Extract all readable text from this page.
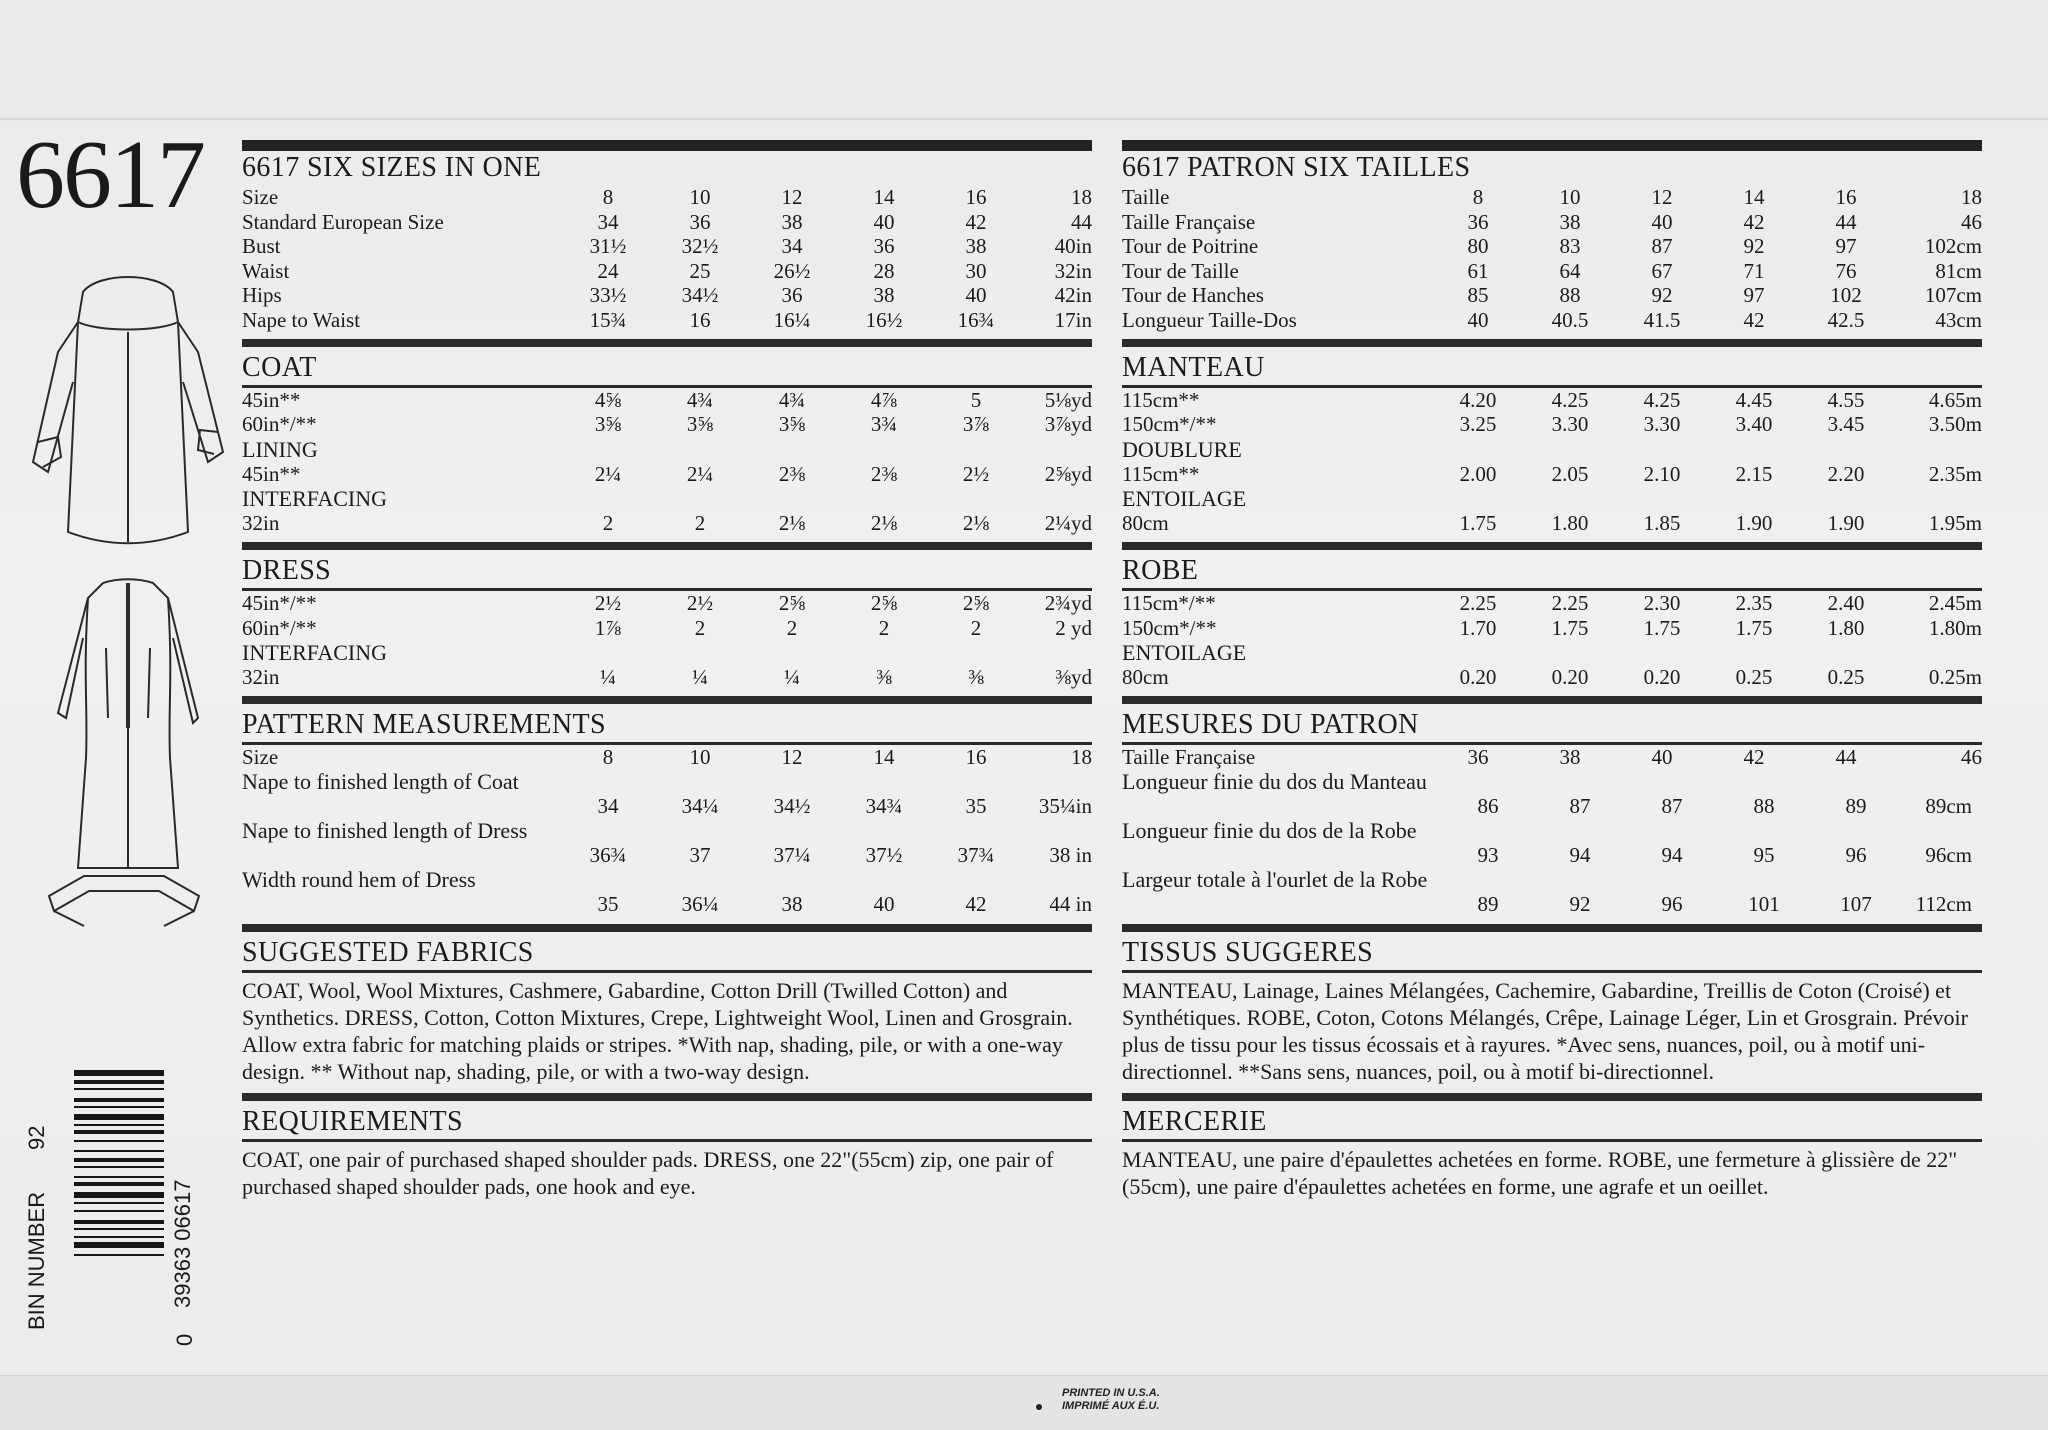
6617 6617 SIX SIZES IN ONE
Size	8	10	12	14	16	18
Standard European Size	34	36	38	40	42	44
Bust	31½	32½	34	36	38	40in
Waist	24	25	26½	28	30	32in
Hips	33½	34½	36	38	40	42in
Nape to Waist	15¾	16	16¼	16½	16¾	17in
COAT
45in**	4⅝	4¾	4¾	4⅞	5	5⅛yd
60in*/**	3⅝	3⅝	3⅝	3¾	3⅞	3⅞yd
LINING
45in**	2¼	2¼	2⅜	2⅜	2½	2⅝yd
INTERFACING
32in	2	2	2⅛	2⅛	2⅛	2¼yd
DRESS
45in*/**	2½	2½	2⅝	2⅝	2⅝	2¾yd
60in*/**	1⅞	2	2	2	2	2 yd
INTERFACING
32in	¼	¼	¼	⅜	⅜	⅜yd
PATTERN MEASUREMENTS
Size	8	10	12	14	16	18
Nape to finished length of Coat
34	34¼	34½	34¾	35	35¼in
Nape to finished length of Dress
36¾	37	37¼	37½	37¾	38 in
Width round hem of Dress
35	36¼	38	40	42	44 in
SUGGESTED FABRICS

COAT, Wool, Wool Mixtures, Cashmere, Gabardine, Cotton Drill (Twilled Cotton) and Synthetics. DRESS, Cotton, Cotton Mixtures, Crepe, Lightweight Wool, Linen and Grosgrain. Allow extra fabric for matching plaids or stripes. *With nap, shading, pile, or with a one-way design. ** Without nap, shading, pile, or with a two-way design.

REQUIREMENTS

COAT, one pair of purchased shaped shoulder pads. DRESS, one 22"(55cm) zip, one pair of purchased shaped shoulder pads, one hook and eye.

6617 PATRON SIX TAILLES
Taille	8	10	12	14	16	18
Taille Française	36	38	40	42	44	46
Tour de Poitrine	80	83	87	92	97	102cm
Tour de Taille	61	64	67	71	76	81cm
Tour de Hanches	85	88	92	97	102	107cm
Longueur Taille-Dos	40	40.5	41.5	42	42.5	43cm
MANTEAU
115cm**	4.20	4.25	4.25	4.45	4.55	4.65m
150cm*/**	3.25	3.30	3.30	3.40	3.45	3.50m
DOUBLURE
115cm**	2.00	2.05	2.10	2.15	2.20	2.35m
ENTOILAGE
80cm	1.75	1.80	1.85	1.90	1.90	1.95m
ROBE
115cm*/**	2.25	2.25	2.30	2.35	2.40	2.45m
150cm*/**	1.70	1.75	1.75	1.75	1.80	1.80m
ENTOILAGE
80cm	0.20	0.20	0.20	0.25	0.25	0.25m
MESURES DU PATRON
Taille Française	36	38	40	42	44	46
Longueur finie du dos du Manteau
86	87	87	88	89	89cm
Longueur finie du dos de la Robe
93	94	94	95	96	96cm
Largeur totale à l'ourlet de la Robe
89	92	96	101	107	112cm
TISSUS SUGGERES

MANTEAU, Lainage, Laines Mélangées, Cachemire, Gabardine, Treillis de Coton (Croisé) et Synthétiques. ROBE, Coton, Cotons Mélangés, Crêpe, Lainage Léger, Lin et Grosgrain. Prévoir plus de tissu pour les tissus écossais et à rayures. *Avec sens, nuances, poil, ou à motif uni-directionnel. **Sans sens, nuances, poil, ou à motif bi-directionnel.

MERCERIE

MANTEAU, une paire d'épaulettes achetées en forme. ROBE, une fermeture à glissière de 22"(55cm), une paire d'épaulettes achetées en forme, une agrafe et un oeillet.

BIN NUMBER
92
0
39363 06617
PRINTED IN U.S.A.
IMPRIMÉ AUX É.U.
